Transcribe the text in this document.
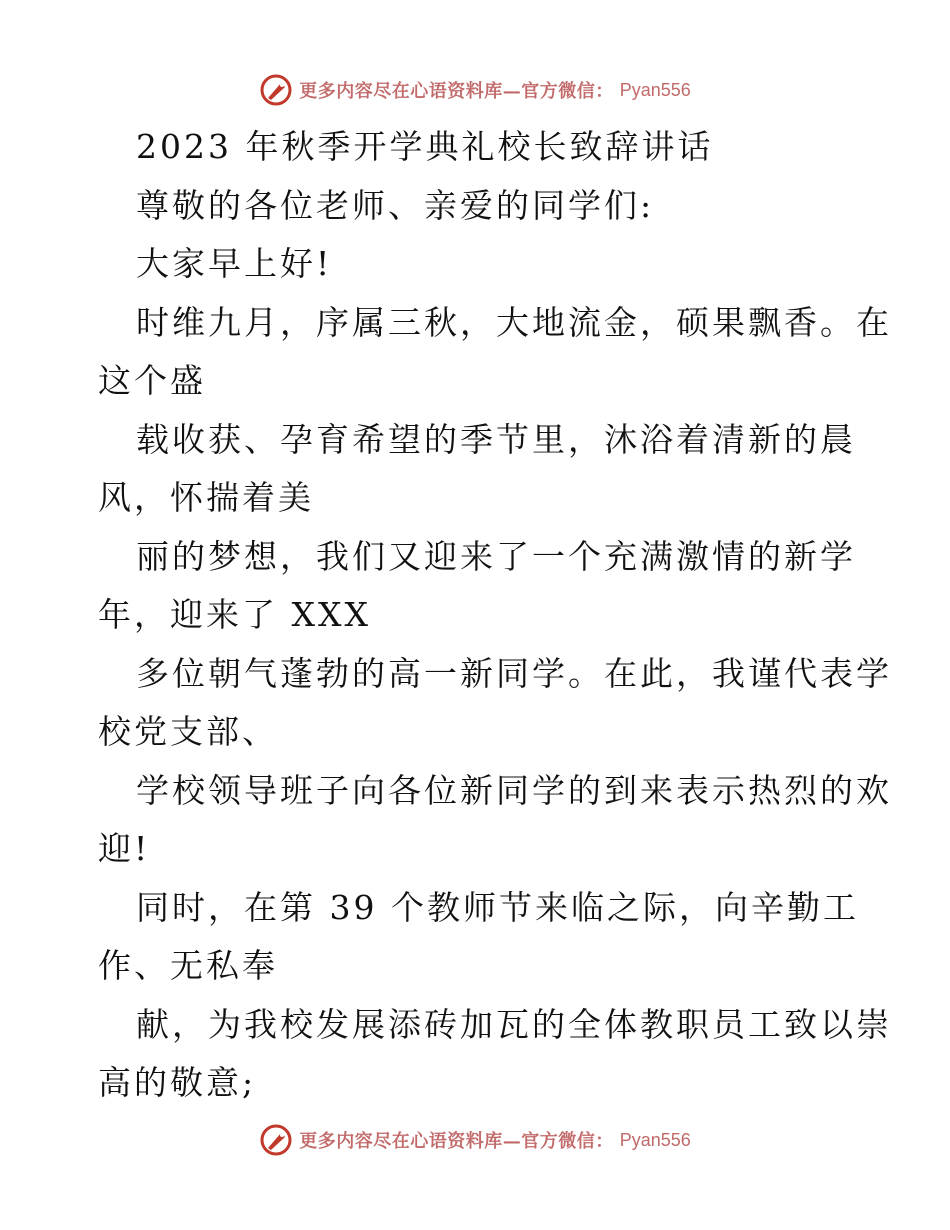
更多内容尽在心语资料库—官方微信： Pyan556
2023 年秋季开学典礼校长致辞讲话
尊敬的各位老师、亲爱的同学们:
大家早上好!
时维九月，序属三秋，大地流金，硕果飘香。在
这个盛
载收获、孕育希望的季节里，沐浴着清新的晨
风，怀揣着美
丽的梦想，我们又迎来了一个充满激情的新学
年，迎来了 XXX
多位朝气蓬勃的高一新同学。在此，我谨代表学
校党支部、
学校领导班子向各位新同学的到来表示热烈的欢
迎!
同时，在第 39 个教师节来临之际，向辛勤工
作、无私奉
献，为我校发展添砖加瓦的全体教职员工致以崇
高的敬意;
更多内容尽在心语资料库—官方微信： Pyan556
